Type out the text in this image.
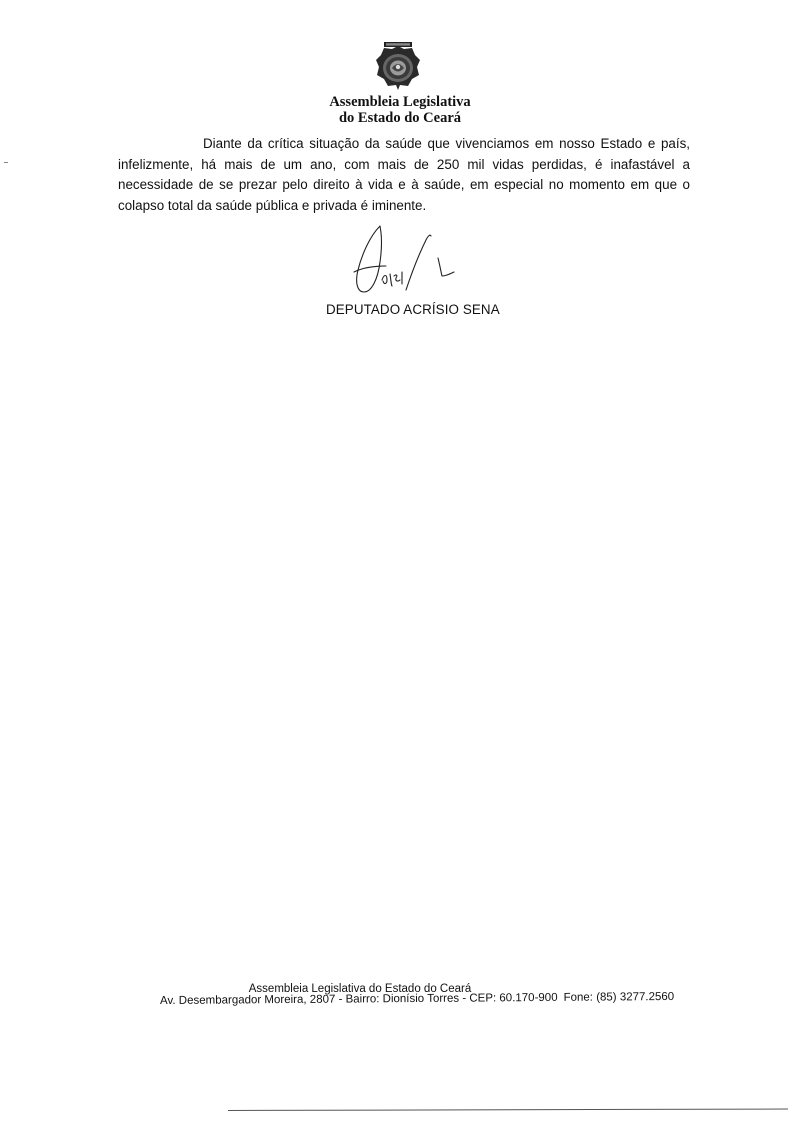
Assembleia Legislativa
do Estado do Ceará

Diante da crítica situação da saúde que vivenciamos em nosso Estado e país, infelizmente, há mais de um ano, com mais de 250 mil vidas perdidas, é inafastável a necessidade de se prezar pelo direito à vida e à saúde, em especial no momento em que o colapso total da saúde pública e privada é iminente.

DEPUTADO ACRÍSIO SENA
Assembleia Legislativa do Estado do Ceará
Av. Desembargador Moreira, 2807 - Bairro: Dionísio Torres - CEP: 60.170-900 Fone: (85) 3277.2560
